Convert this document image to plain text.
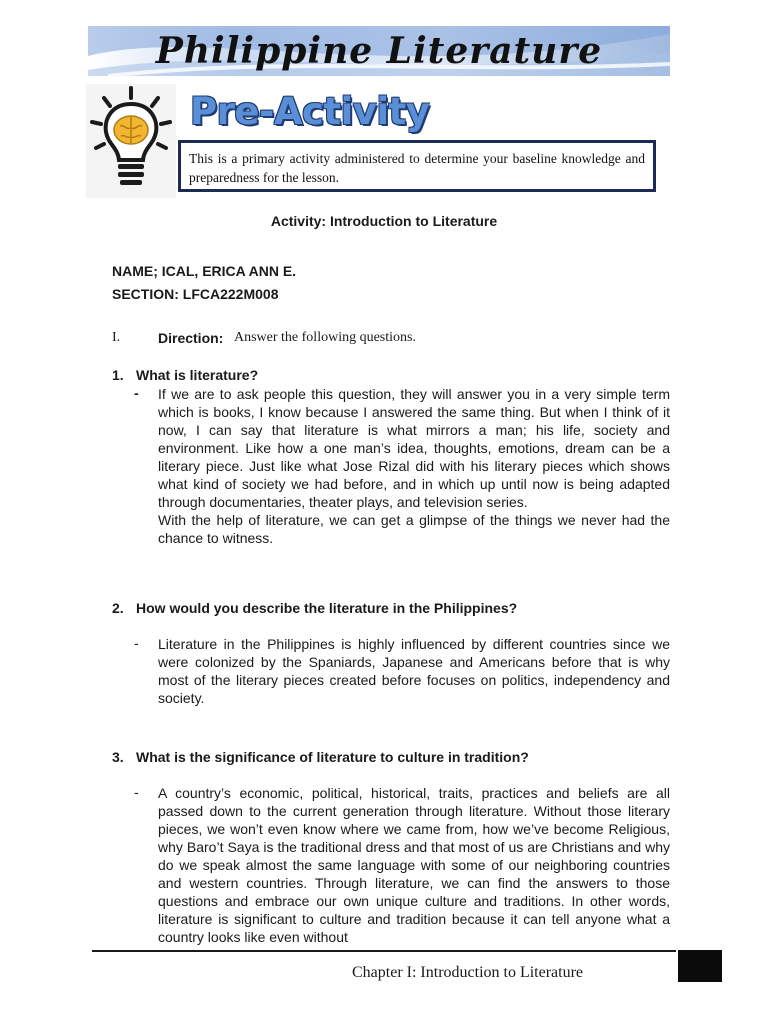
Philippine Literature
Pre-Activity
This is a primary activity administered to determine your baseline knowledge and preparedness for the lesson.
Activity: Introduction to Literature
NAME; ICAL, ERICA ANN E.
SECTION: LFCA222M008
I.	Direction: Answer the following questions.
1. What is literature?
- If we are to ask people this question, they will answer you in a very simple term which is books, I know because I answered the same thing. But when I think of it now, I can say that literature is what mirrors a man; his life, society and environment. Like how a one man’s idea, thoughts, emotions, dream can be a literary piece. Just like what Jose Rizal did with his literary pieces which shows what kind of society we had before, and in which up until now is being adapted through documentaries, theater plays, and television series.

With the help of literature, we can get a glimpse of the things we never had the chance to witness.

2. How would you describe the literature in the Philippines?
- Literature in the Philippines is highly influenced by different countries since we were colonized by the Spaniards, Japanese and Americans before that is why most of the literary pieces created before focuses on politics, independency and society.

3. What is the significance of literature to culture in tradition?
- A country’s economic, political, historical, traits, practices and beliefs are all passed down to the current generation through literature. Without those literary pieces, we won’t even know where we came from, how we’ve become Religious, why Baro’t Saya is the traditional dress and that most of us are Christians and why do we speak almost the same language with some of our neighboring countries and western countries. Through literature, we can find the answers to those questions and embrace our own unique culture and traditions. In other words, literature is significant to culture and tradition because it can tell anyone what a country looks like even without

Chapter I: Introduction to Literature
